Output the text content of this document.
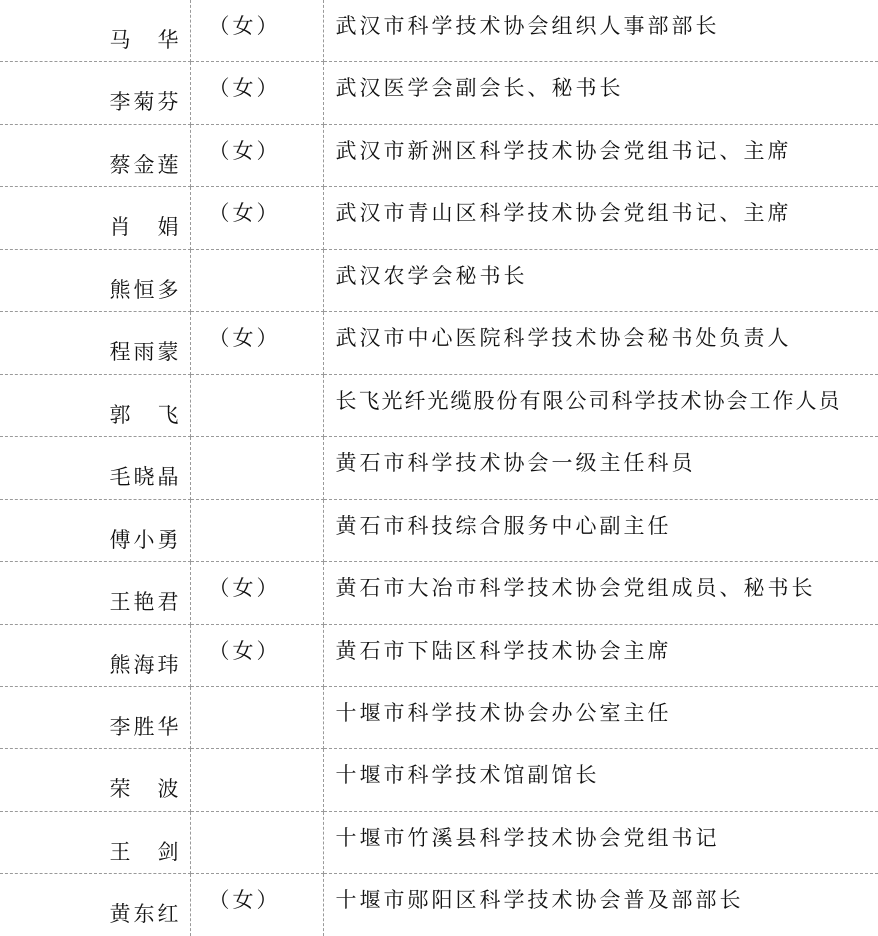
马　华	（女）	武汉市科学技术协会组织人事部部长

李菊芬	（女）	武汉医学会副会长、秘书长

蔡金莲	（女）	武汉市新洲区科学技术协会党组书记、主席

肖　娟	（女）	武汉市青山区科学技术协会党组书记、主席

熊恒多		武汉农学会秘书长

程雨蒙	（女）	武汉市中心医院科学技术协会秘书处负责人

郭　飞		长飞光纤光缆股份有限公司科学技术协会工作人员

毛晓晶		黄石市科学技术协会一级主任科员

傅小勇		黄石市科技综合服务中心副主任

王艳君	（女）	黄石市大冶市科学技术协会党组成员、秘书长

熊海玮	（女）	黄石市下陆区科学技术协会主席

李胜华		十堰市科学技术协会办公室主任

荣　波		十堰市科学技术馆副馆长

王　剑		十堰市竹溪县科学技术协会党组书记

黄东红	（女）	十堰市郧阳区科学技术协会普及部部长
